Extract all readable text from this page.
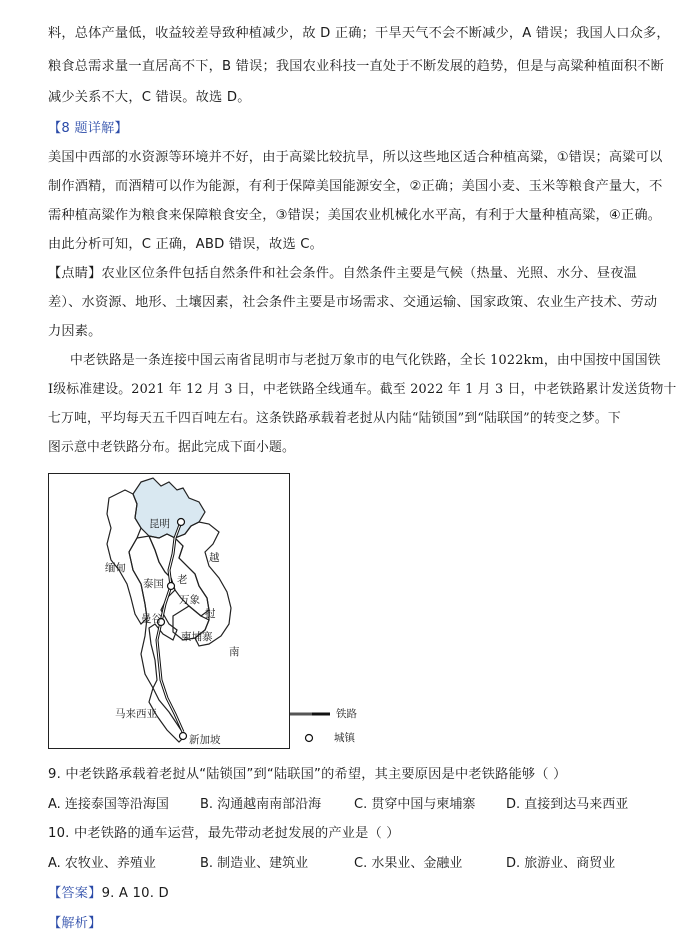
料，总体产量低，收益较差导致种植减少，故 D 正确；干旱天气不会不断减少，A 错误；我国人口众多，
粮食总需求量一直居高不下，B 错误；我国农业科技一直处于不断发展的趋势，但是与高粱种植面积不断
减少关系不大，C 错误。故选 D。
【8 题详解】
美国中西部的水资源等环境并不好，由于高粱比较抗旱，所以这些地区适合种植高粱，①错误；高粱可以
制作酒精，而酒精可以作为能源，有利于保障美国能源安全，②正确；美国小麦、玉米等粮食产量大，不
需种植高粱作为粮食来保障粮食安全，③错误；美国农业机械化水平高，有利于大量种植高粱，④正确。
由此分析可知，C 正确，ABD 错误，故选 C。
【点睛】农业区位条件包括自然条件和社会条件。自然条件主要是气候（热量、光照、水分、昼夜温
差）、水资源、地形、土壤因素，社会条件主要是市场需求、交通运输、国家政策、农业生产技术、劳动
力因素。
中老铁路是一条连接中国云南省昆明市与老挝万象市的电气化铁路，全长 1022km，由中国按中国国铁
Ⅰ级标准建设。2021 年 12 月 3 日，中老铁路全线通车。截至 2022 年 1 月 3 日，中老铁路累计发送货物十
七万吨，平均每天五千四百吨左右。这条铁路承载着老挝从内陆“陆锁国”到“陆联国”的转变之梦。下
图示意中老铁路分布。据此完成下面小题。
昆明
缅甸
越
泰国 老
万象
曼谷	挝
柬埔寨
南
马来西亚
新加坡
铁路
城镇
9. 中老铁路承载着老挝从“陆锁国”到“陆联国”的希望，其主要原因是中老铁路能够（ ）
A. 连接泰国等沿海国 B. 沟通越南南部沿海	C. 贯穿中国与柬埔寨 D. 直接到达马来西亚
10. 中老铁路的通车运营，最先带动老挝发展的产业是（ ）
A. 农牧业、养殖业	B. 制造业、建筑业	C. 水果业、金融业	D. 旅游业、商贸业
【答案】9. A 10. D
【解析】
